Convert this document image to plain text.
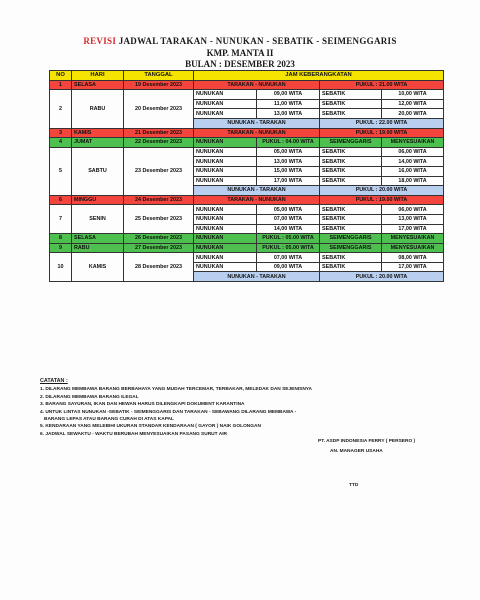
REVISI JADWAL TARAKAN - NUNUKAN - SEBATIK - SEIMENGGARIS
KMP. MANTA II
BULAN : DESEMBER 2023
NO	HARI	TANGGAL	JAM KEBERANGKATAN			
1	SELASA	19 Desember 2023	TARAKAN - NUNUKAN		PUKUL : 21.00 WITA	
2	RABU	20 Desember 2023	NUNUKAN	09,00 WITA	SEBATIK	10,00 WITA
			NUNUKAN	11,00 WITA	SEBATIK	12,00 WITA
			NUNUKAN	13,00 WITA	SEBATIK	20,00 WITA
			NUNUKAN - TARAKAN		PUKUL : 22.00 WITA	
3	KAMIS	21 Desember 2023	TARAKAN - NUNUKAN		PUKUL : 19.00 WITA	
4	JUMAT	22 Desember 2023	NUNUKAN	PUKUL : 04.00 WITA	SEIMENGGARIS	MENYESUAIKAN
5	SABTU	23 Desember 2023	NUNUKAN	05,00 WITA	SEBATIK	06,00 WITA
			NUNUKAN	13,00 WITA	SEBATIK	14,00 WITA
			NUNUKAN	15,00 WITA	SEBATIK	16,00 WITA
			NUNUKAN	17,00 WITA	SEBATIK	18,00 WITA
			NUNUKAN - TARAKAN		PUKUL : 20.00 WITA	
6	MINGGU	24 Desember 2023	TARAKAN - NUNUKAN		PUKUL : 19.00 WITA	
7	SENIN	25 Desember 2023	NUNUKAN	05,00 WITA	SEBATIK	06,00 WITA
			NUNUKAN	07,00 WITA	SEBATIK	13,00 WITA
			NUNUKAN	14,00 WITA	SEBATIK	17,00 WITA
8	SELASA	26 Desember 2023	NUNUKAN	PUKUL : 05.00 WITA	SEIMENGGARIS	MENYESUAIKAN
9	RABU	27 Desember 2023	NUNUKAN	PUKUL : 05.00 WITA	SEIMENGGARIS	MENYESUAIKAN
10	KAMIS	28 Desember 2023	NUNUKAN	07,00 WITA	SEBATIK	08,00 WITA
			NUNUKAN	09,00 WITA	SEBATIK	17,00 WITA
			NUNUKAN - TARAKAN		PUKUL : 20.00 WITA	
CATATAN :
1. DILARANG MEMBAWA BARANG BERBAHAYA YANG MUDAH TERCEMAR, TERBAKAR, MELEDAK DAN SEJENISNYA
2. DILARANG MEMBAWA BARANG ILEGAL
3. BARANG SAYURAN, IKAN DAN HEWAN HARUS DILENGKAPI DOKUMENT KARANTINA
4. UNTUK LINTAS NUNUKAN -SEBATIK - SEIMENGGARIS DAN TARAKAN - SEBAWANG DILARANG MEMBAWA -
BARANG LEPAS ATAU BARANG CURAH DI ATAS KAPAL
5. KENDARAAN YANG MELEBIHI UKURAN STANDAR KENDARAAN ( GAYOR ) NAIK GOLONGAN
6. JADWAL SEWAKTU - WAKTU BERUBAH MENYESUAIKAN PASANG SURUT AIR
PT. ASDP INDONESIA FERRY ( PERSERO )
AN. MANAGER USAHA
TTD
